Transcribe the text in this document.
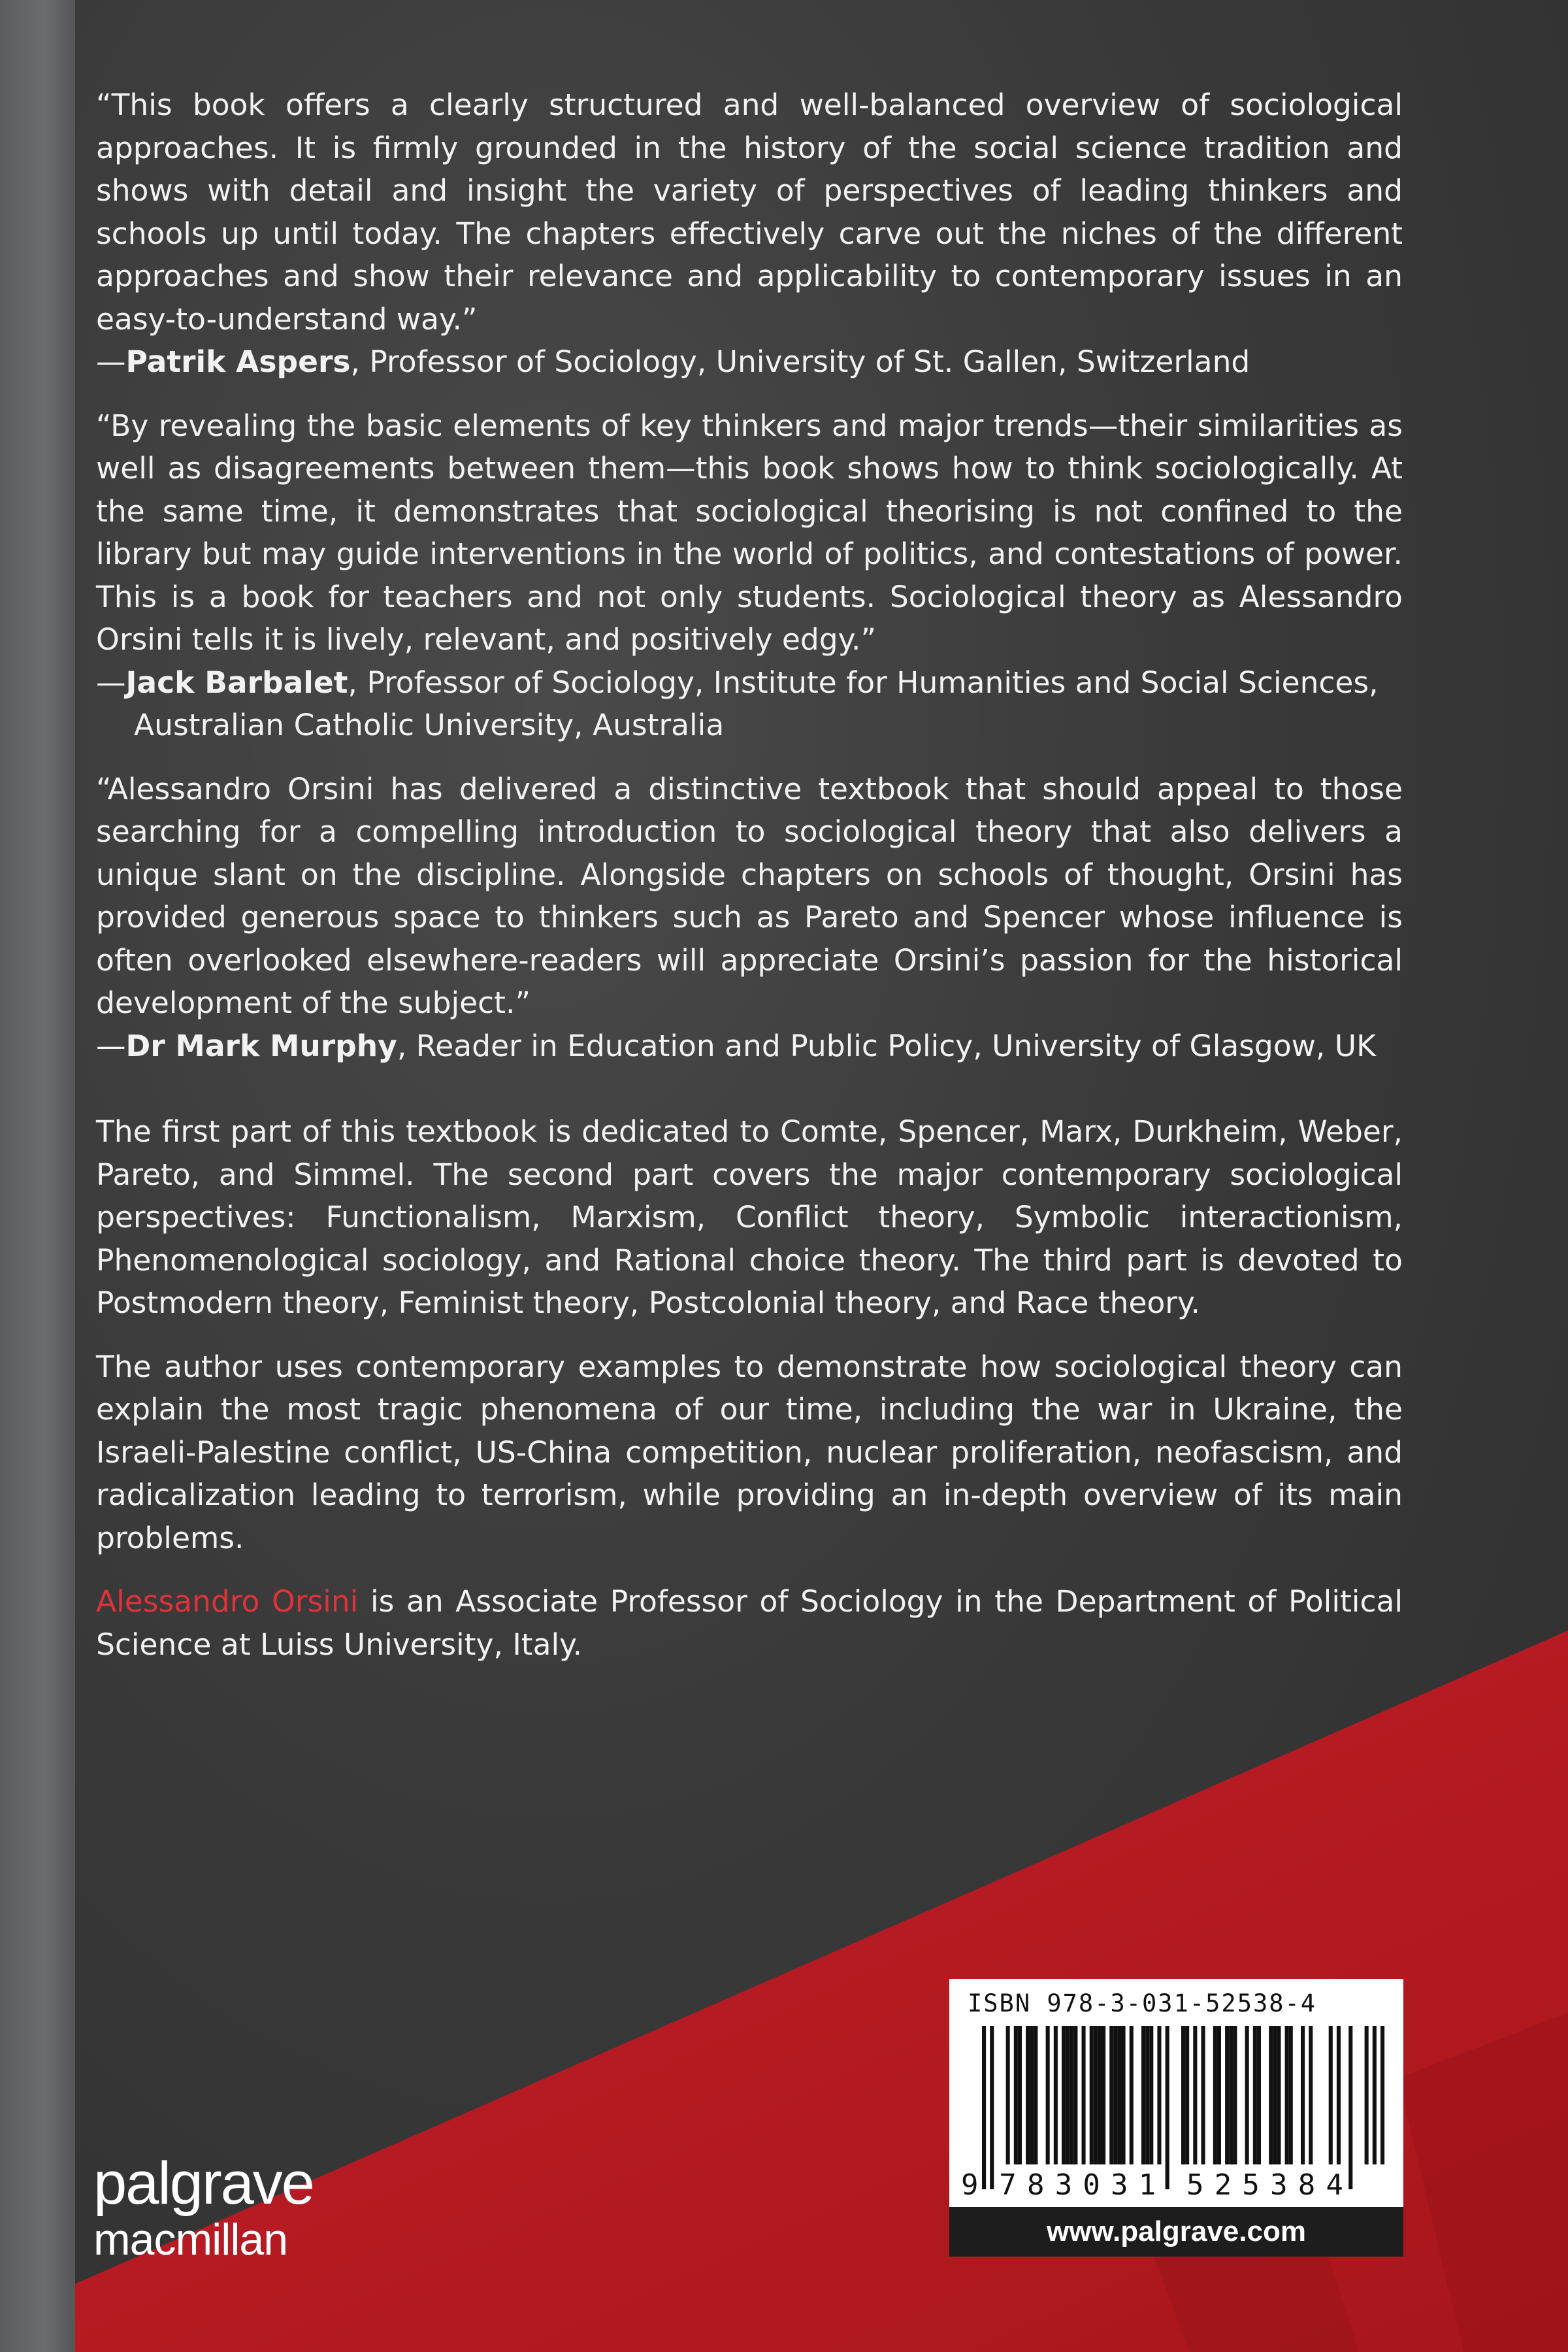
“This book offers a clearly structured and well-balanced overview of sociological approaches. It is firmly grounded in the history of the social science tradition and shows with detail and insight the variety of perspectives of leading thinkers and schools up until today. The chapters effectively carve out the niches of the different approaches and show their relevance and applicability to contemporary issues in an easy-to-understand way.”

—Patrik Aspers, Professor of Sociology, University of St. Gallen, Switzerland

“By revealing the basic elements of key thinkers and major trends—their similarities as well as disagreements between them—this book shows how to think sociologically. At the same time, it demonstrates that sociological theorising is not confined to the library but may guide interventions in the world of politics, and contestations of power. This is a book for teachers and not only students. Sociological theory as Alessandro Orsini tells it is lively, relevant, and positively edgy.”

—Jack Barbalet, Professor of Sociology, Institute for Humanities and Social Sciences, Australian Catholic University, Australia

“Alessandro Orsini has delivered a distinctive textbook that should appeal to those searching for a compelling introduction to sociological theory that also delivers a unique slant on the discipline. Alongside chapters on schools of thought, Orsini has provided generous space to thinkers such as Pareto and Spencer whose influence is often overlooked elsewhere-readers will appreciate Orsini’s passion for the historical development of the subject.”

—Dr Mark Murphy, Reader in Education and Public Policy, University of Glasgow, UK

The first part of this textbook is dedicated to Comte, Spencer, Marx, Durkheim, Weber, Pareto, and Simmel. The second part covers the major contemporary sociological perspectives: Functionalism, Marxism, Conflict theory, Symbolic interactionism, Phenomenological sociology, and Rational choice theory. The third part is devoted to Postmodern theory, Feminist theory, Postcolonial theory, and Race theory.

The author uses contemporary examples to demonstrate how sociological theory can explain the most tragic phenomena of our time, including the war in Ukraine, the Israeli-Palestine conflict, US-China competition, nuclear proliferation, neofascism, and radicalization leading to terrorism, while providing an in-depth overview of its main problems.

Alessandro Orsini is an Associate Professor of Sociology in the Department of Political Science at Luiss University, Italy.

palgrave
macmillan
ISBN 978-3-031-52538-4
9 7 8 3 0 3 1 5 2 5 3 8 4
www.palgrave.com
